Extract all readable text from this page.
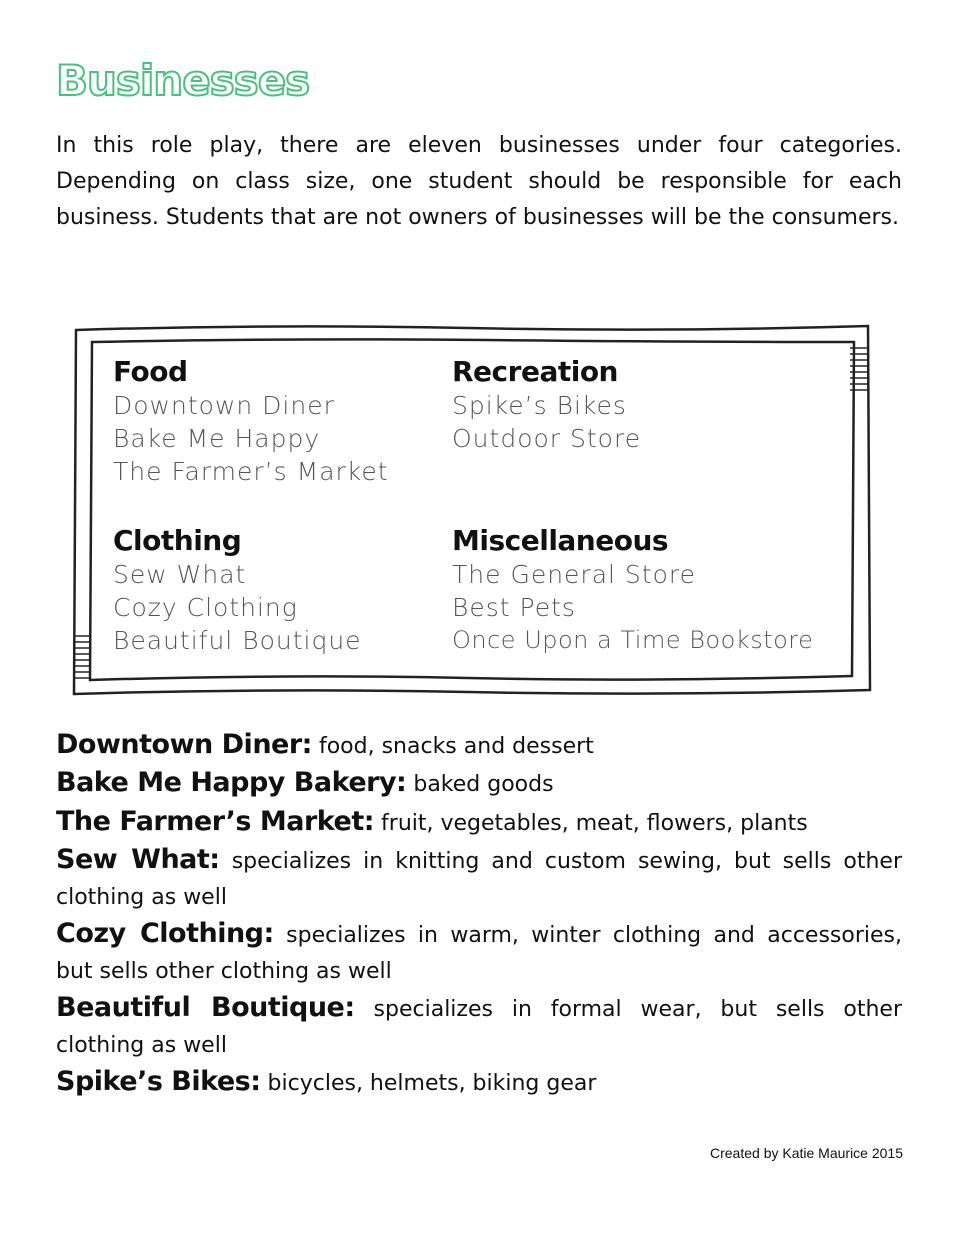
Businesses
In this role play, there are eleven businesses under four categories. Depending on class size, one student should be responsible for each business. Students that are not owners of businesses will be the consumers.
Food
Downtown Diner
Bake Me Happy
The Farmer’s Market
Recreation
Spike’s Bikes
Outdoor Store
Clothing
Sew What
Cozy Clothing
Beautiful Boutique
Miscellaneous
The General Store
Best Pets
Once Upon a Time Bookstore
Downtown Diner: food, snacks and dessert
Bake Me Happy Bakery: baked goods
The Farmer’s Market: fruit, vegetables, meat, flowers, plants
Sew What: specializes in knitting and custom sewing, but sells other clothing as well
Cozy Clothing: specializes in warm, winter clothing and accessories, but sells other clothing as well
Beautiful Boutique: specializes in formal wear, but sells other clothing as well
Spike’s Bikes: bicycles, helmets, biking gear
Created by Katie Maurice 2015
